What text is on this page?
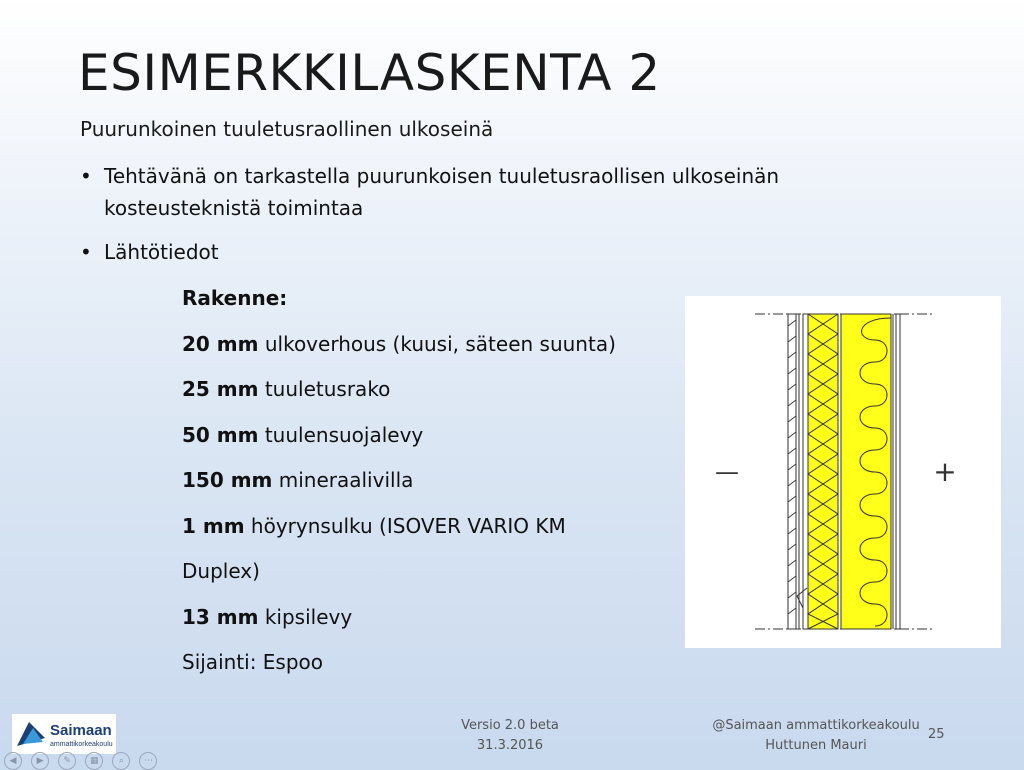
ESIMERKKILASKENTA 2
Puurunkoinen tuuletusraollinen ulkoseinä
• Tehtävänä on tarkastella puurunkoisen tuuletusraollisen ulkoseinän kosteusteknistä toimintaa
• Lähtötiedot
Rakenne:
20 mm ulkoverhous (kuusi, säteen suunta)
25 mm tuuletusrako
50 mm tuulensuojalevy
150 mm mineraalivilla
1 mm höyrynsulku (ISOVER VARIO KM
Duplex)
13 mm kipsilevy
Sijainti: Espoo
—	+
Saimaan
ammattikorkeakoulu
◀ ▶ ✎ ▦ ⌕ ⋯
Versio 2.0 beta
31.3.2016
@Saimaan ammattikorkeakoulu
Huttunen Mauri
25
